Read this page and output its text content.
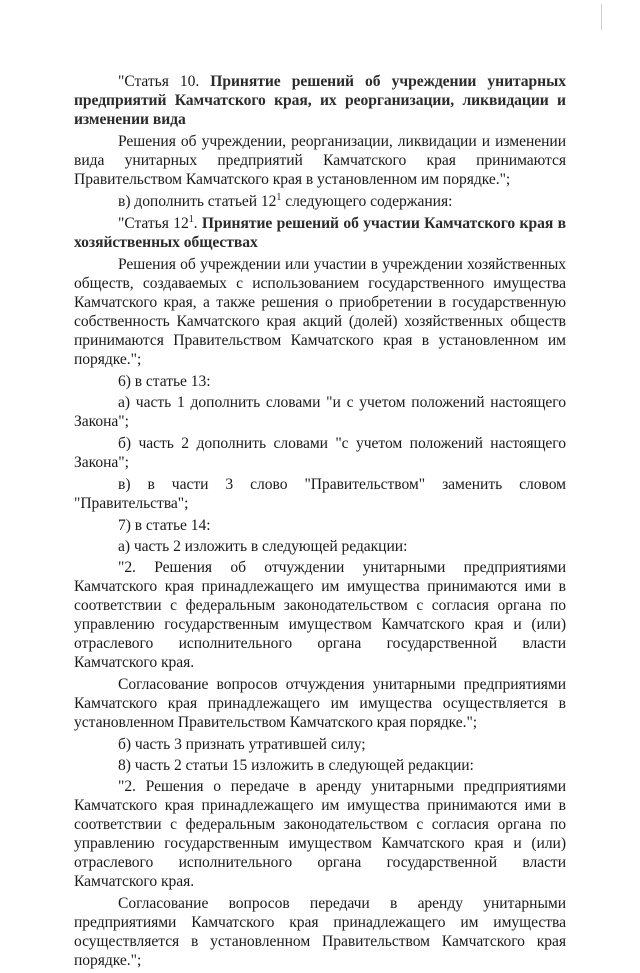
"Статья 10. Принятие решений об учреждении унитарных предприятий Камчатского края, их реорганизации, ликвидации и изменении вида

Решения об учреждении, реорганизации, ликвидации и изменении вида унитарных предприятий Камчатского края принимаются Правительством Камчатского края в установленном им порядке.";

в) дополнить статьей $12^1$ следующего содержания:

"Статья $12^1$. Принятие решений об участии Камчатского края в хозяйственных обществах

Решения об учреждении или участии в учреждении хозяйственных обществ, создаваемых с использованием государственного имущества Камчатского края, а также решения о приобретении в государственную собственность Камчатского края акций (долей) хозяйственных обществ принимаются Правительством Камчатского края в установленном им порядке.";

6) в статье 13:

а) часть 1 дополнить словами "и с учетом положений настоящего Закона";

б) часть 2 дополнить словами "с учетом положений настоящего Закона";

в) в части 3 слово "Правительством" заменить словом "Правительства";

7) в статье 14:

а) часть 2 изложить в следующей редакции:

"2. Решения об отчуждении унитарными предприятиями Камчатского края принадлежащего им имущества принимаются ими в соответствии с федеральным законодательством с согласия органа по управлению государственным имуществом Камчатского края и (или) отраслевого исполнительного органа государственной власти Камчатского края.

Согласование вопросов отчуждения унитарными предприятиями Камчатского края принадлежащего им имущества осуществляется в установленном Правительством Камчатского края порядке.";

б) часть 3 признать утратившей силу;

8) часть 2 статьи 15 изложить в следующей редакции:

"2. Решения о передаче в аренду унитарными предприятиями Камчатского края принадлежащего им имущества принимаются ими в соответствии с федеральным законодательством с согласия органа по управлению государственным имуществом Камчатского края и (или) отраслевого исполнительного органа государственной власти Камчатского края.

Согласование вопросов передачи в аренду унитарными предприятиями Камчатского края принадлежащего им имущества осуществляется в установленном Правительством Камчатского края порядке.";
